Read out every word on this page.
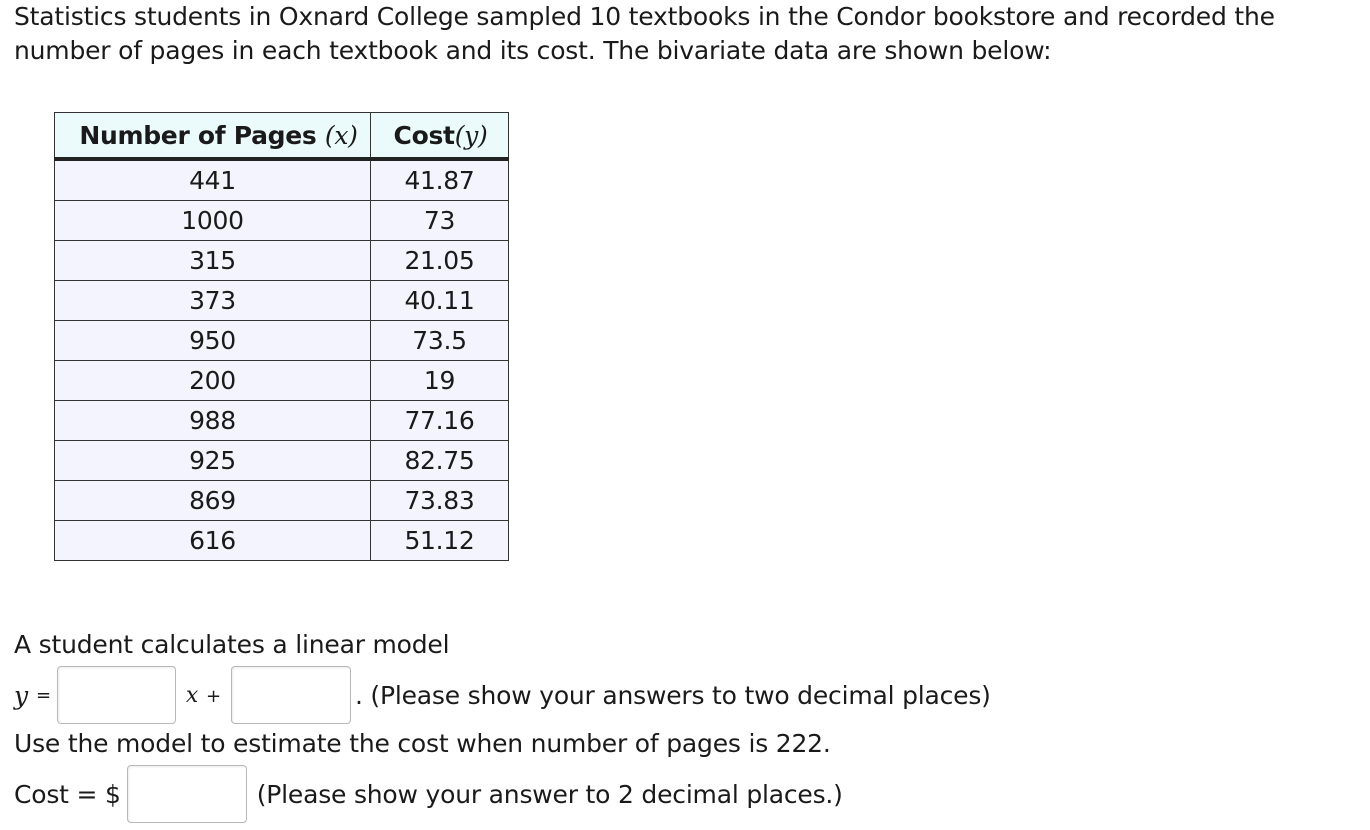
Statistics students in Oxnard College sampled 10 textbooks in the Condor bookstore and recorded the number of pages in each textbook and its cost. The bivariate data are shown below:
Number of Pages (x)	Cost(y)
441	41.87
1000	73
315	21.05
373	40.11
950	73.5
200	19
988	77.16
925	82.75
869	73.83
616	51.12
A student calculates a linear model
y =	x +	. (Please show your answers to two decimal places)
Use the model to estimate the cost when number of pages is 222.
Cost = $	(Please show your answer to 2 decimal places.)
